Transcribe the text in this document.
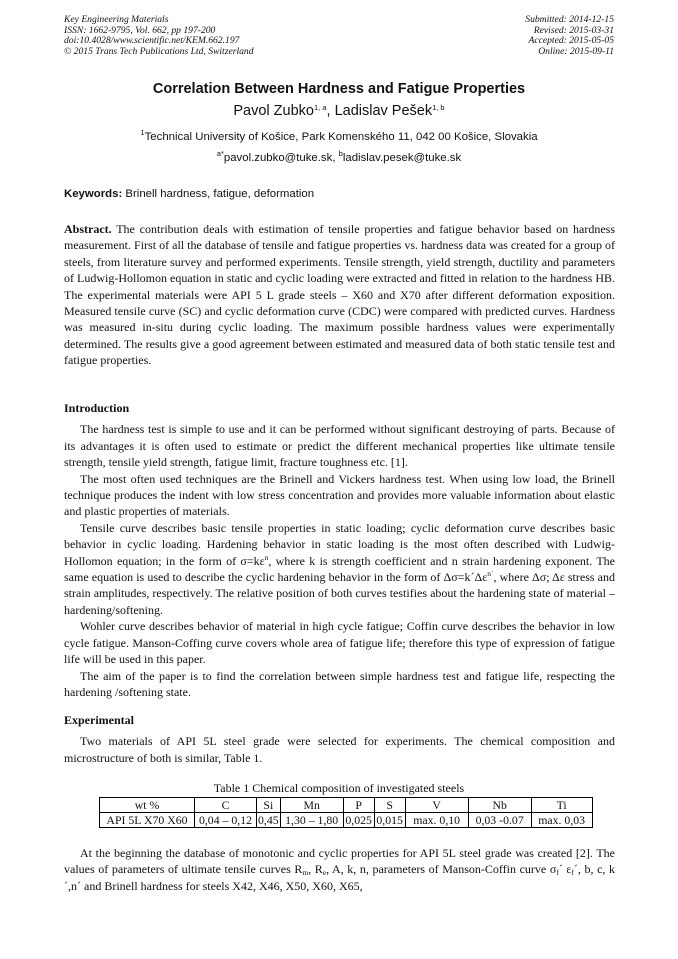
Key Engineering Materials
ISSN: 1662-9795, Vol. 662, pp 197-200
doi:10.4028/www.scientific.net/KEM.662.197
© 2015 Trans Tech Publications Ltd, Switzerland
Submitted: 2014-12-15
Revised: 2015-03-31
Accepted: 2015-05-05
Online: 2015-09-11
Correlation Between Hardness and Fatigue Properties
Pavol Zubko$^{1, a}$, Ladislav Pešek$^{1, b}$
$^1$Technical University of Košice, Park Komenského 11, 042 00 Košice, Slovakia
$^{a*}$pavol.zubko@tuke.sk, $^b$ladislav.pesek@tuke.sk
Keywords: Brinell hardness, fatigue, deformation

Abstract. The contribution deals with estimation of tensile properties and fatigue behavior based on hardness measurement. First of all the database of tensile and fatigue properties vs. hardness data was created for a group of steels, from literature survey and performed experiments. Tensile strength, yield strength, ductility and parameters of Ludwig-Hollomon equation in static and cyclic loading were extracted and fitted in relation to the hardness HB. The experimental materials were API 5 L grade steels – X60 and X70 after different deformation exposition. Measured tensile curve (SC) and cyclic deformation curve (CDC) were compared with predicted curves. Hardness was measured in-situ during cyclic loading. The maximum possible hardness values were experimentally determined. The results give a good agreement between estimated and measured data of both static tensile test and fatigue properties.

Introduction

The hardness test is simple to use and it can be performed without significant destroying of parts. Because of its advantages it is often used to estimate or predict the different mechanical properties like ultimate tensile strength, tensile yield strength, fatigue limit, fracture toughness etc. [1].

The most often used techniques are the Brinell and Vickers hardness test. When using low load, the Brinell technique produces the indent with low stress concentration and provides more valuable information about elastic and plastic properties of materials.

Tensile curve describes basic tensile properties in static loading; cyclic deformation curve describes basic behavior in cyclic loading. Hardening behavior in static loading is the most often described with Ludwig-Hollomon equation; in the form of $\sigma=k\varepsilon^n$, where k is strength coefficient and n strain hardening exponent. The same equation is used to describe the cyclic hardening behavior in the form of $\Delta\sigma=k´\Delta\varepsilon^{n´}$, where Δσ; Δε stress and strain amplitudes, respectively. The relative position of both curves testifies about the hardening state of material – hardening/softening.

Wohler curve describes behavior of material in high cycle fatigue; Coffin curve describes the behavior in low cycle fatigue. Manson-Coffing curve covers whole area of fatigue life; therefore this type of expression of fatigue life will be used in this paper.

The aim of the paper is to find the correlation between simple hardness test and fatigue life, respecting the hardening /softening state.

Experimental

Two materials of API 5L steel grade were selected for experiments. The chemical composition and microstructure of both is similar, Table 1.

Table 1 Chemical composition of investigated steels
wt %	C	Si	Mn	P	S	V	Nb	Ti
API 5L X70 X60	0,04 – 0,12	0,45	1,30 – 1,80	0,025	0,015	max. 0,10	0,03 -0.07	max. 0,03

At the beginning the database of monotonic and cyclic properties for API 5L steel grade was created [2]. The values of parameters of ultimate tensile curves $R_m$, $R_e$, A, k, n, parameters of Manson-Coffin curve $\sigma_f´$ $\varepsilon_f´$, b, c, k´,n´ and Brinell hardness for steels X42, X46, X50, X60, X65,
